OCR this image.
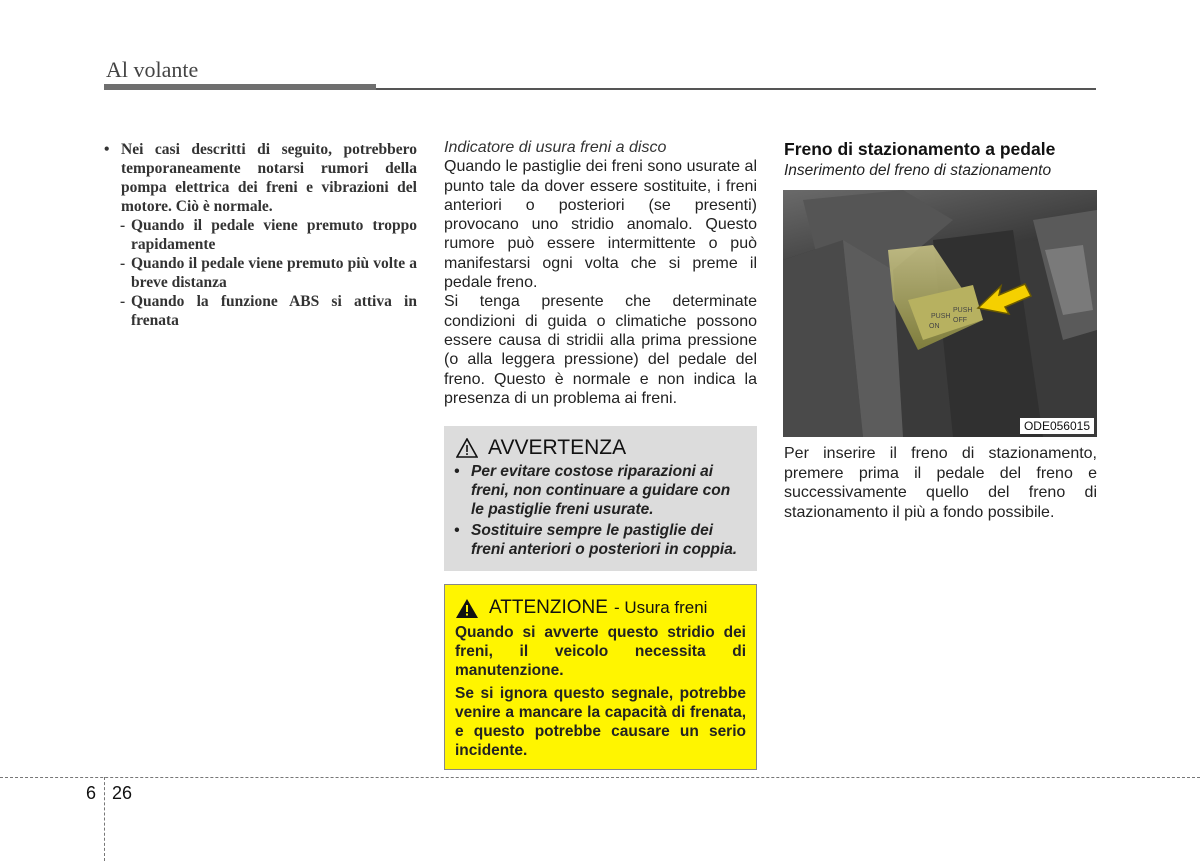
Al volante
• Nei casi descritti di seguito, potrebbero temporaneamente notarsi rumori della pompa elettrica dei freni e vibrazioni del motore. Ciò è normale.
- Quando il pedale viene premuto troppo rapidamente
- Quando il pedale viene premuto più volte a breve distanza
- Quando la funzione ABS si attiva in frenata
Indicatore di usura freni a disco

Quando le pastiglie dei freni sono usurate al punto tale da dover essere sostituite, i freni anteriori o posteriori (se presenti) provocano uno stridio anomalo. Questo rumore può essere intermittente o può manifestarsi ogni volta che si preme il pedale freno.

Si tenga presente che determinate condizioni di guida o climatiche possono essere causa di stridii alla prima pressione (o alla leggera pressione) del pedale del freno. Questo è normale e non indica la presenza di un problema ai freni.

AVVERTENZA
• Per evitare costose riparazioni ai freni, non continuare a guidare con le pastiglie freni usurate.
• Sostituire sempre le pastiglie dei freni anteriori o posteriori in coppia.
ATTENZIONE - Usura freni
Quando si avverte questo stridio dei freni, il veicolo necessita di manutenzione.
Se si ignora questo segnale, potrebbe venire a mancare la capacità di frenata, e questo potrebbe causare un serio incidente.
Freno di stazionamento a pedale
Inserimento del freno di stazionamento
PUSH
PUSH
ON
OFF
ODE056015
Per inserire il freno di stazionamento, premere prima il pedale del freno e successivamente quello del freno di stazionamento il più a fondo possibile.
6 26
